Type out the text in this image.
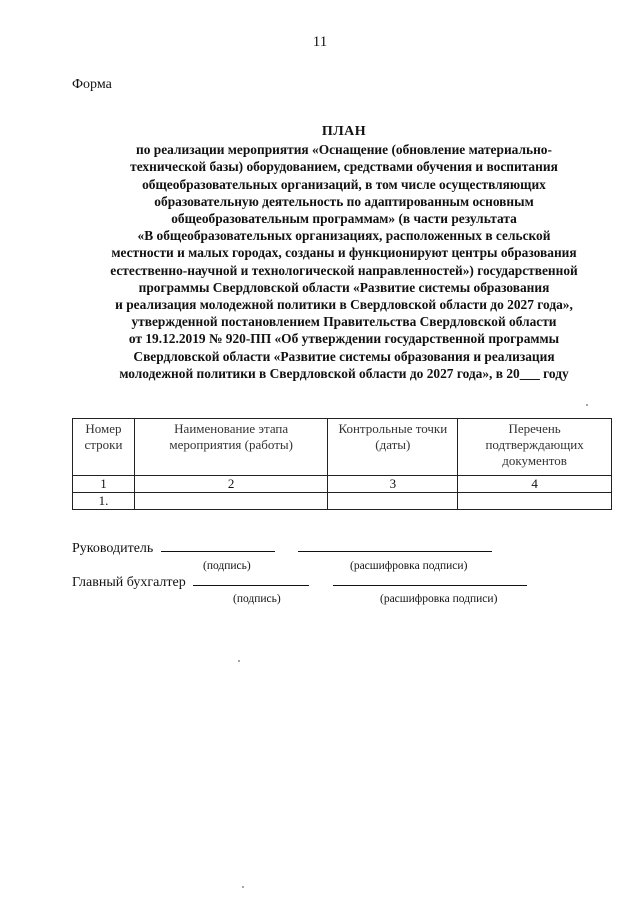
11
Форма
ПЛАН
по реализации мероприятия «Оснащение (обновление материально-
технической базы) оборудованием, средствами обучения и воспитания
общеобразовательных организаций, в том числе осуществляющих
образовательную деятельность по адаптированным основным
общеобразовательным программам» (в части результата
«В общеобразовательных организациях, расположенных в сельской
местности и малых городах, созданы и функционируют центры образования
естественно-научной и технологической направленностей») государственной
программы Свердловской области «Развитие системы образования
и реализация молодежной политики в Свердловской области до 2027 года»,
утвержденной постановлением Правительства Свердловской области
от 19.12.2019 № 920-ПП «Об утверждении государственной программы
Свердловской области «Развитие системы образования и реализация
молодежной политики в Свердловской области до 2027 года», в 20___ году
Номер строки	Наименование этапа мероприятия (работы)	Контрольные точки (даты)	Перечень подтверждающих документов
1	2	3	4
1.			
Руководитель
(подпись)	(расшифровка подписи)
Главный бухгалтер
(подпись)	(расшифровка подписи)
